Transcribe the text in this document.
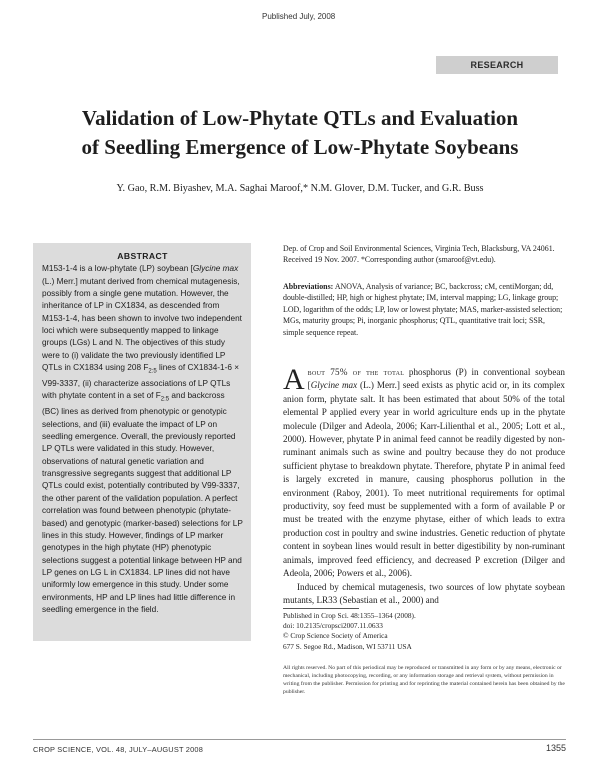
Published July, 2008
RESEARCH
Validation of Low-Phytate QTLs and Evaluation
of Seedling Emergence of Low-Phytate Soybeans

Y. Gao, R.M. Biyashev, M.A. Saghai Maroof,* N.M. Glover, D.M. Tucker, and G.R. Buss

ABSTRACT

M153-1-4 is a low-phytate (LP) soybean [Glycine max (L.) Merr.] mutant derived from chemical mutagenesis, possibly from a single gene mutation. However, the inheritance of LP in CX1834, as descended from M153-1-4, has been shown to involve two independent loci which were subsequently mapped to linkage groups (LGs) L and N. The objectives of this study were to (i) validate the two previously identified LP QTLs in CX1834 using 208 $F_{2:5}$ lines of CX1834-1-6 × V99-3337, (ii) characterize associations of LP QTLs with phytate content in a set of $F_{2:5}$ and backcross (BC) lines as derived from phenotypic or genotypic selections, and (iii) evaluate the impact of LP on seedling emergence. Overall, the previously reported LP QTLs were validated in this study. However, observations of natural genetic variation and transgressive segregants suggest that additional LP QTLs could exist, potentially contributed by V99-3337, the other parent of the validation population. A perfect correlation was found between phenotypic (phytate-based) and genotypic (marker-based) selections for LP lines in this study. However, findings of LP marker genotypes in the high phytate (HP) phenotypic selections suggest a potential linkage between HP and LP genes on LG L in CX1834. LP lines did not have uniformly low emergence in this study. Under some environments, HP and LP lines had little difference in seedling emergence in the field.

Dep. of Crop and Soil Environmental Sciences, Virginia Tech, Blacksburg, VA 24061. Received 19 Nov. 2007. *Corresponding author (smaroof@vt.edu).

Abbreviations: ANOVA, Analysis of variance; BC, backcross; cM, centiMorgan; dd, double-distilled; HP, high or highest phytate; IM, interval mapping; LG, linkage group; LOD, logarithm of the odds; LP, low or lowest phytate; MAS, marker-assisted selection; MGs, maturity groups; Pi, inorganic phosphorus; QTL, quantitative trait loci; SSR, simple sequence repeat.

About 75% of the total phosphorus (P) in conventional soybean [Glycine max (L.) Merr.] seed exists as phytic acid or, in its complex anion form, phytate salt. It has been estimated that about 50% of the total elemental P applied every year in world agriculture ends up in the phytate molecule (Dilger and Adeola, 2006; Karr-Lilienthal et al., 2005; Lott et al., 2000). However, phytate P in animal feed cannot be readily digested by non-ruminant animals such as swine and poultry because they do not produce sufficient phytase to breakdown phytate. Therefore, phytate P in animal feed is largely excreted in manure, causing phosphorus pollution in the environment (Raboy, 2001). To meet nutritional requirements for optimal productivity, soy feed must be supplemented with a form of available P or must be treated with the enzyme phytase, either of which leads to extra production cost in poultry and swine industries. Genetic reduction of phytate content in soybean lines would result in better digestibility by non-ruminant animals, improved feed efficiency, and decreased P excretion (Dilger and Adeola, 2006; Powers et al., 2006).

Induced by chemical mutagenesis, two sources of low phytate soybean mutants, LR33 (Sebastian et al., 2000) and

Published in Crop Sci. 48:1355–1364 (2008).
doi: 10.2135/cropsci2007.11.0633
© Crop Science Society of America
677 S. Segoe Rd., Madison, WI 53711 USA

All rights reserved. No part of this periodical may be reproduced or transmitted in any form or by any means, electronic or mechanical, including photocopying, recording, or any information storage and retrieval system, without permission in writing from the publisher. Permission for printing and for reprinting the material contained herein has been obtained by the publisher.

CROP SCIENCE, VOL. 48, JULY–AUGUST 2008	1355
